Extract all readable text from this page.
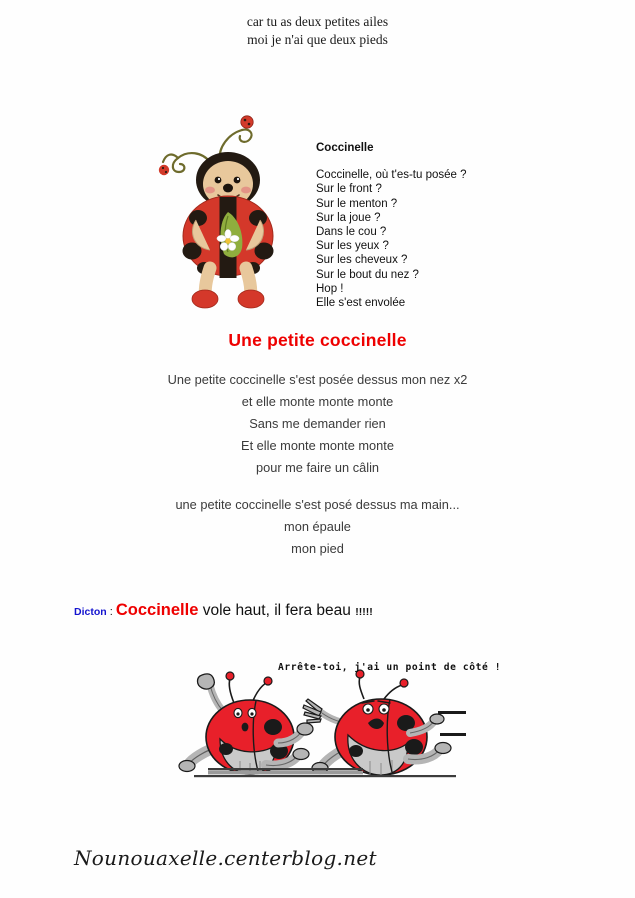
car tu as deux petites ailes
moi je n'ai que deux pieds
Coccinelle
Coccinelle, où t'es-tu posée ?
Sur le front ?
Sur le menton ?
Sur la joue ?
Dans le cou ?
Sur les yeux ?
Sur les cheveux ?
Sur le bout du nez ?
Hop !
Elle s'est envolée
Une petite coccinelle
Une petite coccinelle s'est posée dessus mon nez x2
et elle monte monte monte
Sans me demander rien
Et elle monte monte monte
pour me faire un câlin
une petite coccinelle s'est posé dessus ma main...
mon épaule
mon pied
Dicton : Coccinelle vole haut, il fera beau !!!!!
Arrête-toi, j'ai un point de côté !
Nounouaxelle.centerblog.net
